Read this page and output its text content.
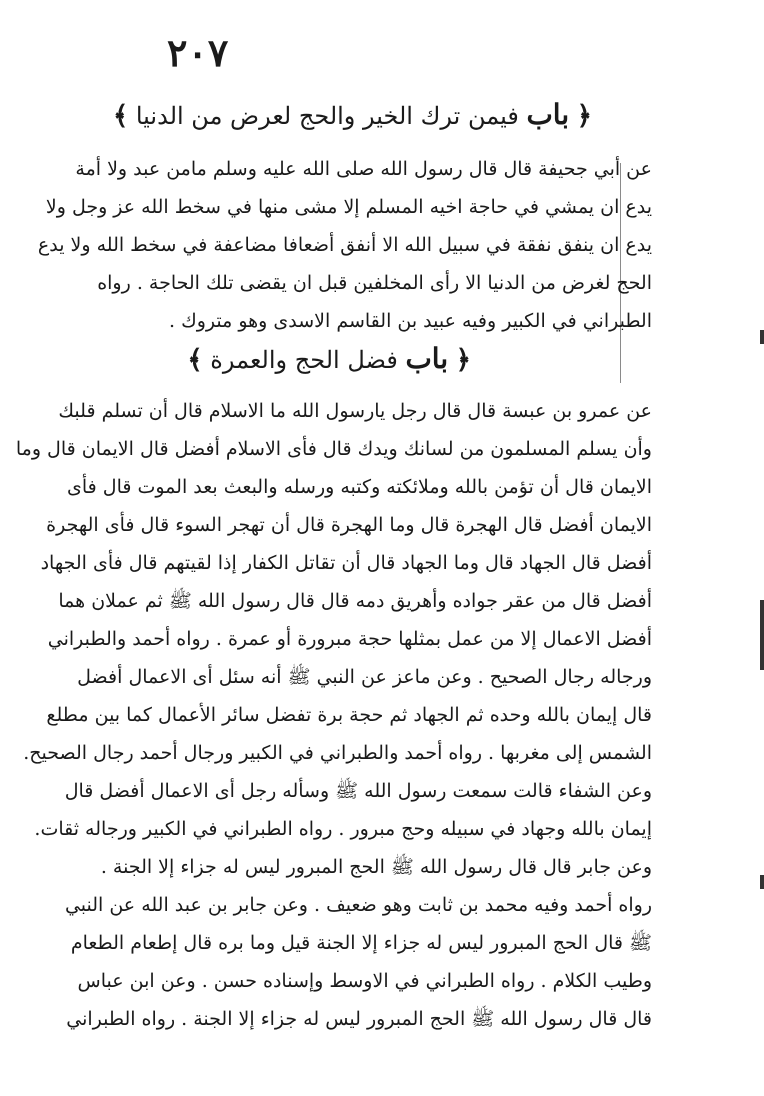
٢٠٧
﴿ باب فيمن ترك الخير والحج لعرض من الدنيا ﴾
عن أبي جحيفة قال قال رسول الله صلى الله عليه وسلم مامن عبد ولا أمة
يدع ان يمشي في حاجة اخيه المسلم إلا مشى منها في سخط الله عز وجل ولا
يدع ان ينفق نفقة في سبيل الله الا أنفق أضعافا مضاعفة في سخط الله ولا يدع
الحج لغرض من الدنيا الا رأى المخلفين قبل ان يقضى تلك الحاجة . رواه
الطبراني في الكبير وفيه عبيد بن القاسم الاسدى وهو متروك .
﴿ باب فضل الحج والعمرة ﴾
عن عمرو بن عبسة قال قال رجل يارسول الله ما الاسلام قال أن تسلم قلبك
وأن يسلم المسلمون من لسانك ويدك قال فأى الاسلام أفضل قال الايمان قال وما
الايمان قال أن تؤمن بالله وملائكته وكتبه ورسله والبعث بعد الموت قال فأى
الايمان أفضل قال الهجرة قال وما الهجرة قال أن تهجر السوء قال فأى الهجرة
أفضل قال الجهاد قال وما الجهاد قال أن تقاتل الكفار إذا لقيتهم قال فأى الجهاد
أفضل قال من عقر جواده وأهريق دمه قال قال رسول الله ﷺ ثم عملان هما
أفضل الاعمال إلا من عمل بمثلها حجة مبرورة أو عمرة . رواه أحمد والطبراني
ورجاله رجال الصحيح . وعن ماعز عن النبي ﷺ أنه سئل أى الاعمال أفضل
قال إيمان بالله وحده ثم الجهاد ثم حجة برة تفضل سائر الأعمال كما بين مطلع
الشمس إلى مغربها . رواه أحمد والطبراني في الكبير ورجال أحمد رجال الصحيح.
وعن الشفاء قالت سمعت رسول الله ﷺ وسأله رجل أى الاعمال أفضل قال
إيمان بالله وجهاد في سبيله وحج مبرور . رواه الطبراني في الكبير ورجاله ثقات.
وعن جابر قال قال رسول الله ﷺ الحج المبرور ليس له جزاء إلا الجنة .
رواه أحمد وفيه محمد بن ثابت وهو ضعيف . وعن جابر بن عبد الله عن النبي
ﷺ قال الحج المبرور ليس له جزاء إلا الجنة قيل وما بره قال إطعام الطعام
وطيب الكلام . رواه الطبراني في الاوسط وإسناده حسن . وعن ابن عباس
قال قال رسول الله ﷺ الحج المبرور ليس له جزاء إلا الجنة . رواه الطبراني
